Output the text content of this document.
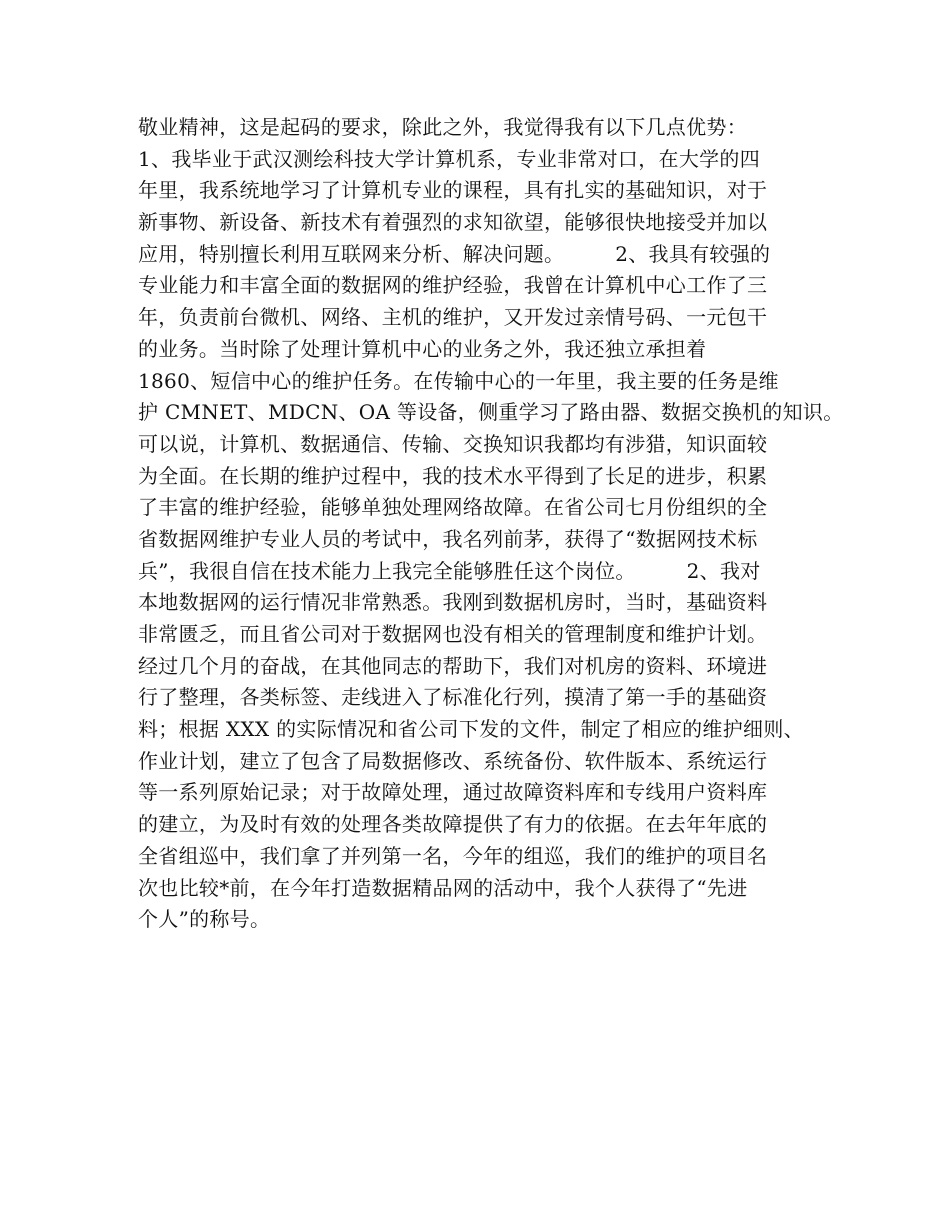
敬业精神，这是起码的要求，除此之外，我觉得我有以下几点优势：
1、我毕业于武汉测绘科技大学计算机系，专业非常对口，在大学的四
年里，我系统地学习了计算机专业的课程，具有扎实的基础知识，对于
新事物、新设备、新技术有着强烈的求知欲望，能够很快地接受并加以
应用，特别擅长利用互联网来分析、解决问题。　　　2、我具有较强的
专业能力和丰富全面的数据网的维护经验，我曾在计算机中心工作了三
年，负责前台微机、网络、主机的维护，又开发过亲情号码、一元包干
的业务。当时除了处理计算机中心的业务之外，我还独立承担着
1860、短信中心的维护任务。在传输中心的一年里，我主要的任务是维
护 CMNET、MDCN、OA 等设备，侧重学习了路由器、数据交换机的知识。
可以说，计算机、数据通信、传输、交换知识我都均有涉猎，知识面较
为全面。在长期的维护过程中，我的技术水平得到了长足的进步，积累
了丰富的维护经验，能够单独处理网络故障。在省公司七月份组织的全
省数据网维护专业人员的考试中，我名列前茅，获得了“数据网技术标
兵”，我很自信在技术能力上我完全能够胜任这个岗位。　　　2、我对
本地数据网的运行情况非常熟悉。我刚到数据机房时，当时，基础资料
非常匮乏，而且省公司对于数据网也没有相关的管理制度和维护计划。
经过几个月的奋战，在其他同志的帮助下，我们对机房的资料、环境进
行了整理，各类标签、走线进入了标准化行列，摸清了第一手的基础资
料；根据 XXX 的实际情况和省公司下发的文件，制定了相应的维护细则、
作业计划，建立了包含了局数据修改、系统备份、软件版本、系统运行
等一系列原始记录；对于故障处理，通过故障资料库和专线用户资料库
的建立，为及时有效的处理各类故障提供了有力的依据。在去年年底的
全省组巡中，我们拿了并列第一名，今年的组巡，我们的维护的项目名
次也比较*前，在今年打造数据精品网的活动中，我个人获得了“先进
个人”的称号。
